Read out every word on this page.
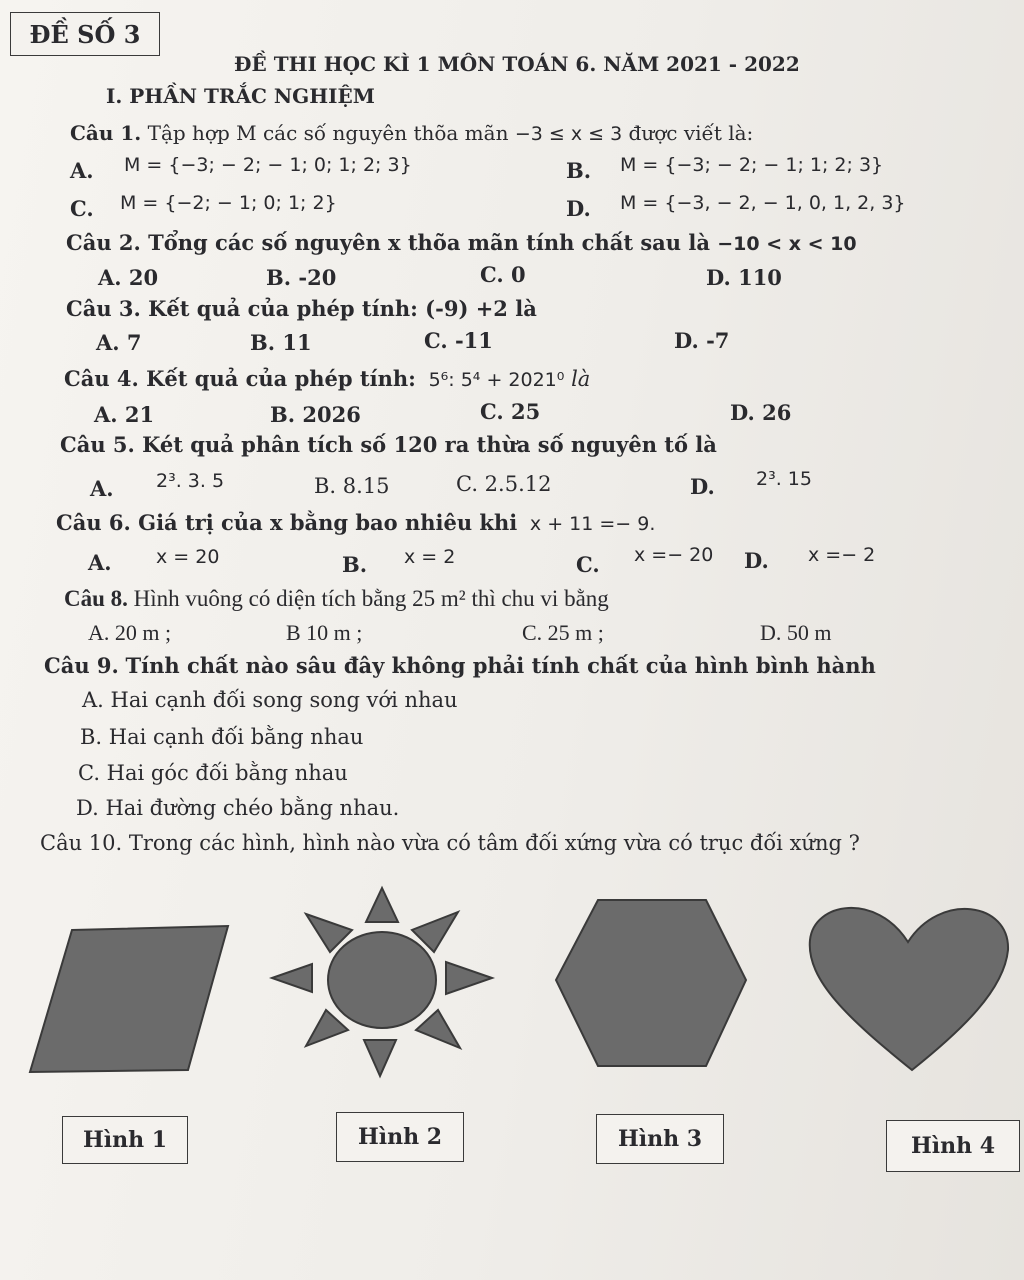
ĐỀ SỐ 3
ĐỀ THI HỌC KÌ 1 MÔN TOÁN 6. NĂM 2021 - 2022
I. PHẦN TRẮC NGHIỆM
Câu 1. Tập hợp M các số nguyên thõa mãn −3 ≤ x ≤ 3 được viết là:
A. M = {−3; − 2; − 1; 0; 1; 2; 3}	B. M = {−3; − 2; − 1; 1; 2; 3}
C. M = {−2; − 1; 0; 1; 2}	D. M = {−3, − 2, − 1, 0, 1, 2, 3}
Câu 2. Tổng các số nguyên x thõa mãn tính chất sau là −10 < x < 10
A. 20	B. -20	C. 0	D. 110
Câu 3. Kết quả của phép tính: (-9) +2 là
A. 7	B. 11	C. -11	D. -7
Câu 4. Kết quả của phép tính: 5⁶: 5⁴ + 2021⁰ là
A. 21	B. 2026	C. 25	D. 26
Câu 5. Két quả phân tích số 120 ra thừa số nguyên tố là
A. 2³. 3. 5	B. 8.15	C. 2.5.12	D. 2³. 15
Câu 6. Giá trị của x bằng bao nhiêu khi x + 11 =− 9.
A. x = 20	B. x = 2	C. x =− 20 D. x =− 2
Câu 8. Hình vuông có diện tích bằng 25 m² thì chu vi bằng
A. 20 m ;	B 10 m ;	C. 25 m ;	D. 50 m
Câu 9. Tính chất nào sâu đây không phải tính chất của hình bình hành
A. Hai cạnh đối song song với nhau
B. Hai cạnh đối bằng nhau
C. Hai góc đối bằng nhau
D. Hai đường chéo bằng nhau.
Câu 10. Trong các hình, hình nào vừa có tâm đối xứng vừa có trục đối xứng ?
Hình 1	Hình 2	Hình 3	Hình 4
